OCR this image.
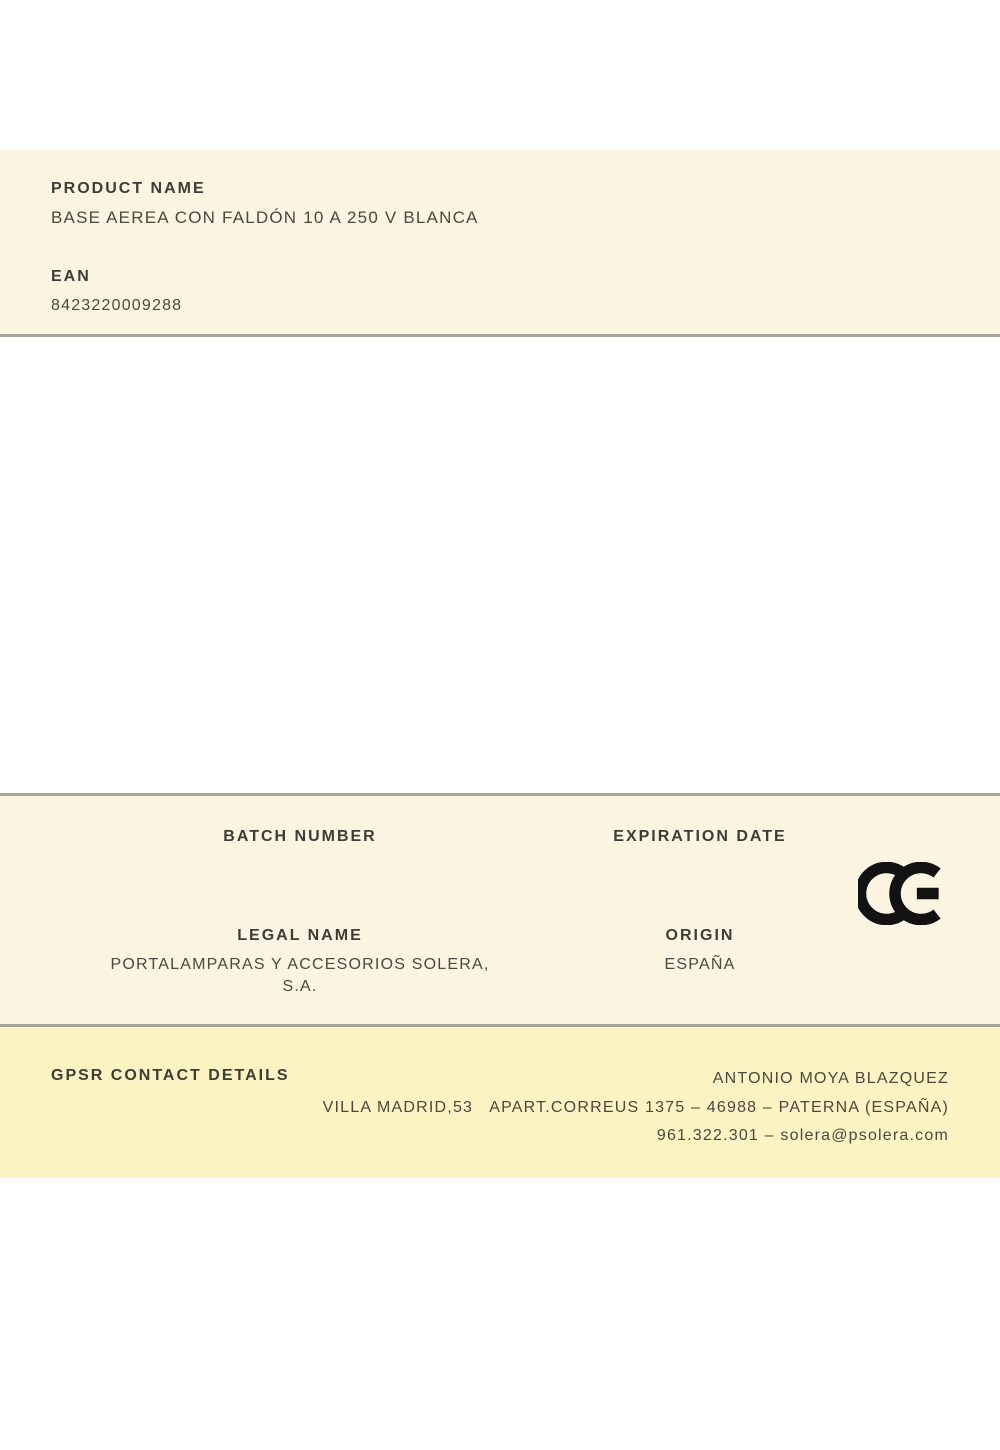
PRODUCT NAME
BASE AEREA CON FALDÓN 10 A 250 V BLANCA
EAN
8423220009288
BATCH NUMBER	EXPIRATION DATE
LEGAL NAME
PORTALAMPARAS Y ACCESORIOS SOLERA, S.A.
ORIGIN
ESPAÑA
GPSR CONTACT DETAILS	ANTONIO MOYA BLAZQUEZ
VILLA MADRID,53   APART.CORREUS 1375 – 46988 – PATERNA (ESPAÑA)
961.322.301 – solera@psolera.com
